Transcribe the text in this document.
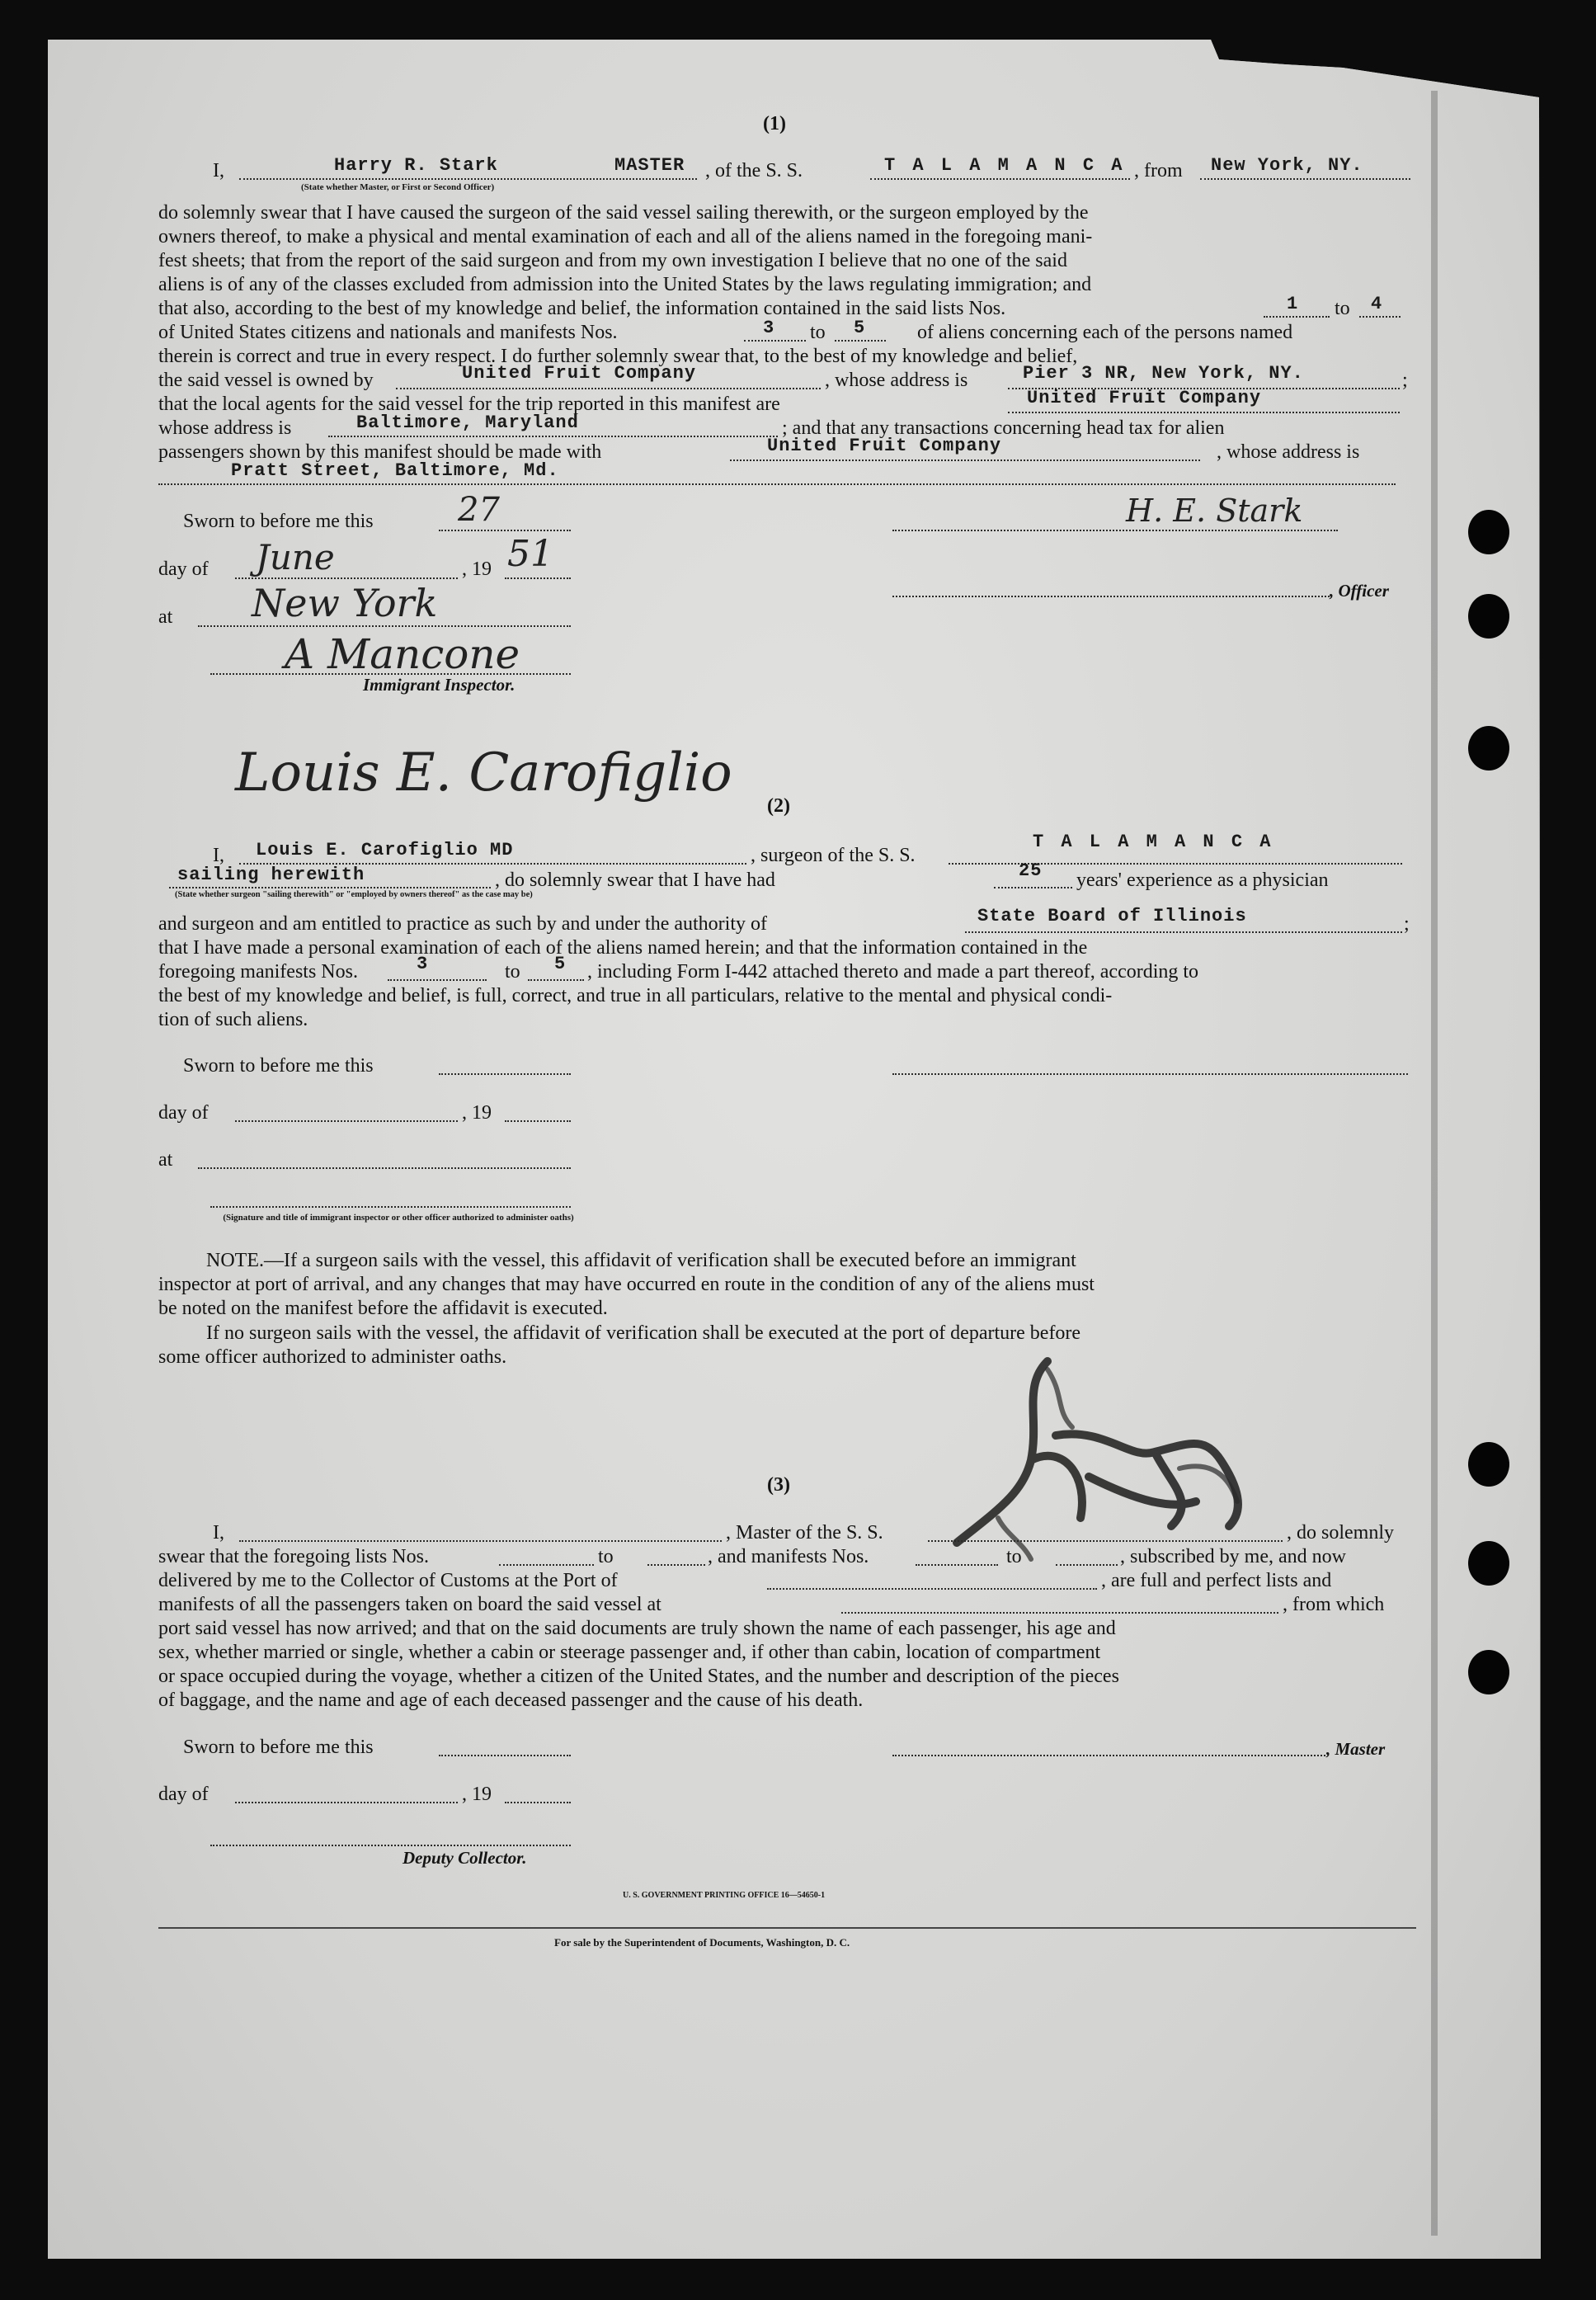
(1)
I,	Harry R. Stark	MASTER , of the S. S.	T A L A M A N C A , from New York, NY.
(State whether Master, or First or Second Officer)
do solemnly swear that I have caused the surgeon of the said vessel sailing therewith, or the surgeon employed by the
owners thereof, to make a physical and mental examination of each and all of the aliens named in the foregoing mani-
fest sheets; that from the report of the said surgeon and from my own investigation I believe that no one of the said
aliens is of any of the classes excluded from admission into the United States by the laws regulating immigration; and
that also, according to the best of my knowledge and belief, the information contained in the said lists Nos.	1 to 4
of United States citizens and nationals and manifests Nos.	3 to 5	of aliens concerning each of the persons named
therein is correct and true in every respect. I do further solemnly swear that, to the best of my knowledge and belief,
the said vessel is owned by	United Fruit Company	, whose address is	Pier 3 NR, New York, NY.	;
that the local agents for the said vessel for the trip reported in this manifest are	United Fruit Company
whose address is	Baltimore, Maryland	; and that any transactions concerning head tax for alien
passengers shown by this manifest should be made with	United Fruit Company	, whose address is
Pratt Street, Baltimore, Md.
Sworn to before me this	27
day of June	, 19 51
at New York
A Mancone
Immigrant Inspector.
H. E. Stark
, Officer
Louis E. Carofiglio
(2)
I, Louis E. Carofiglio MD	, surgeon of the S. S.
T A L A M A N C A
sailing herewith	, do solemnly swear that I have had	25 years' experience as a physician
(State whether surgeon "sailing therewith" or "employed by owners thereof" as the case may be)
and surgeon and am entitled to practice as such by and under the authority of	State Board of Illinois	;
that I have made a personal examination of each of the aliens named herein; and that the information contained in the
foregoing manifests Nos.	3	to 5 , including Form I-442 attached thereto and made a part thereof, according to
the best of my knowledge and belief, is full, correct, and true in all particulars, relative to the mental and physical condi-
tion of such aliens.
Sworn to before me this
day of	, 19
at
(Signature and title of immigrant inspector or other officer authorized to administer oaths)
NOTE.—If a surgeon sails with the vessel, this affidavit of verification shall be executed before an immigrant
inspector at port of arrival, and any changes that may have occurred en route in the condition of any of the aliens must
be noted on the manifest before the affidavit is executed.
If no surgeon sails with the vessel, the affidavit of verification shall be executed at the port of departure before
some officer authorized to administer oaths.
(3)
I,	, Master of the S. S.	, do solemnly
swear that the foregoing lists Nos.	to	, and manifests Nos.	to	, subscribed by me, and now
delivered by me to the Collector of Customs at the Port of	, are full and perfect lists and
manifests of all the passengers taken on board the said vessel at	, from which
port said vessel has now arrived; and that on the said documents are truly shown the name of each passenger, his age and
sex, whether married or single, whether a cabin or steerage passenger and, if other than cabin, location of compartment
or space occupied during the voyage, whether a citizen of the United States, and the number and description of the pieces
of baggage, and the name and age of each deceased passenger and the cause of his death.
Sworn to before me this	, Master
day of	, 19
Deputy Collector.
U. S. GOVERNMENT PRINTING OFFICE 16—54650-1
For sale by the Superintendent of Documents, Washington, D. C.
